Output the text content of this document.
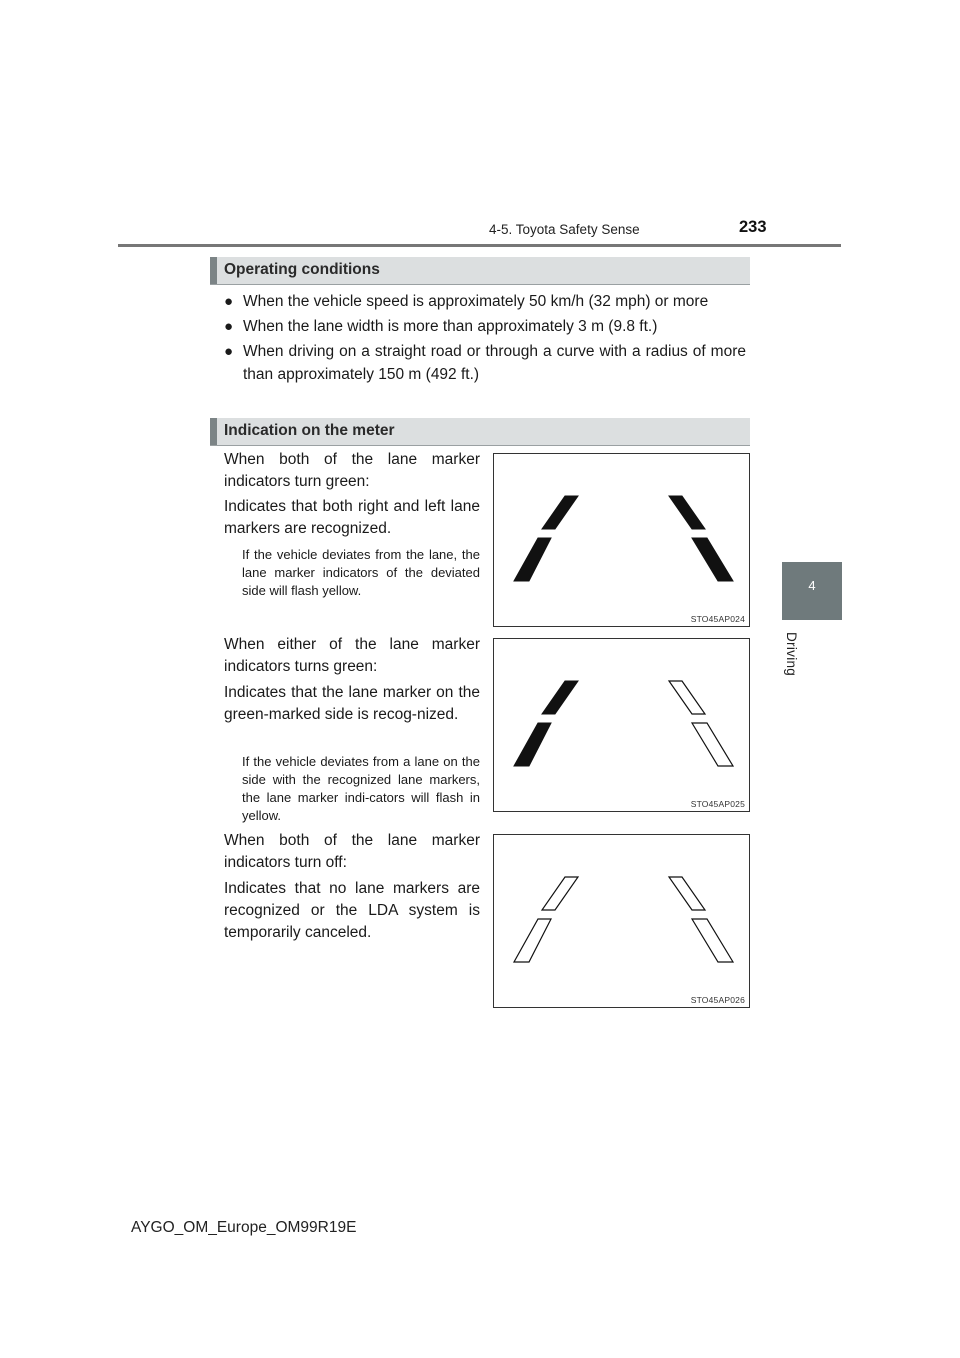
4-5. Toyota Safety Sense	233
4
Driving
Operating conditions
● When the vehicle speed is approximately 50 km/h (32 mph) or more
● When the lane width is more than approximately 3 m (9.8 ft.)
● When driving on a straight road or through a curve with a radius of more than approximately 150 m (492 ft.)
Indication on the meter
When both of the lane marker indicators turn green:
Indicates that both right and left lane markers are recognized.
If the vehicle deviates from the lane, the lane marker indicators of the deviated side will flash yellow.
STO45AP024
When either of the lane marker indicators turns green:
Indicates that the lane marker on the green-marked side is recog-nized.
If the vehicle deviates from a lane on the side with the recognized lane markers, the lane marker indi-cators will flash in yellow.
STO45AP025
When both of the lane marker indicators turn off:
Indicates that no lane markers are recognized or the LDA system is temporarily canceled.
STO45AP026
AYGO_OM_Europe_OM99R19E
